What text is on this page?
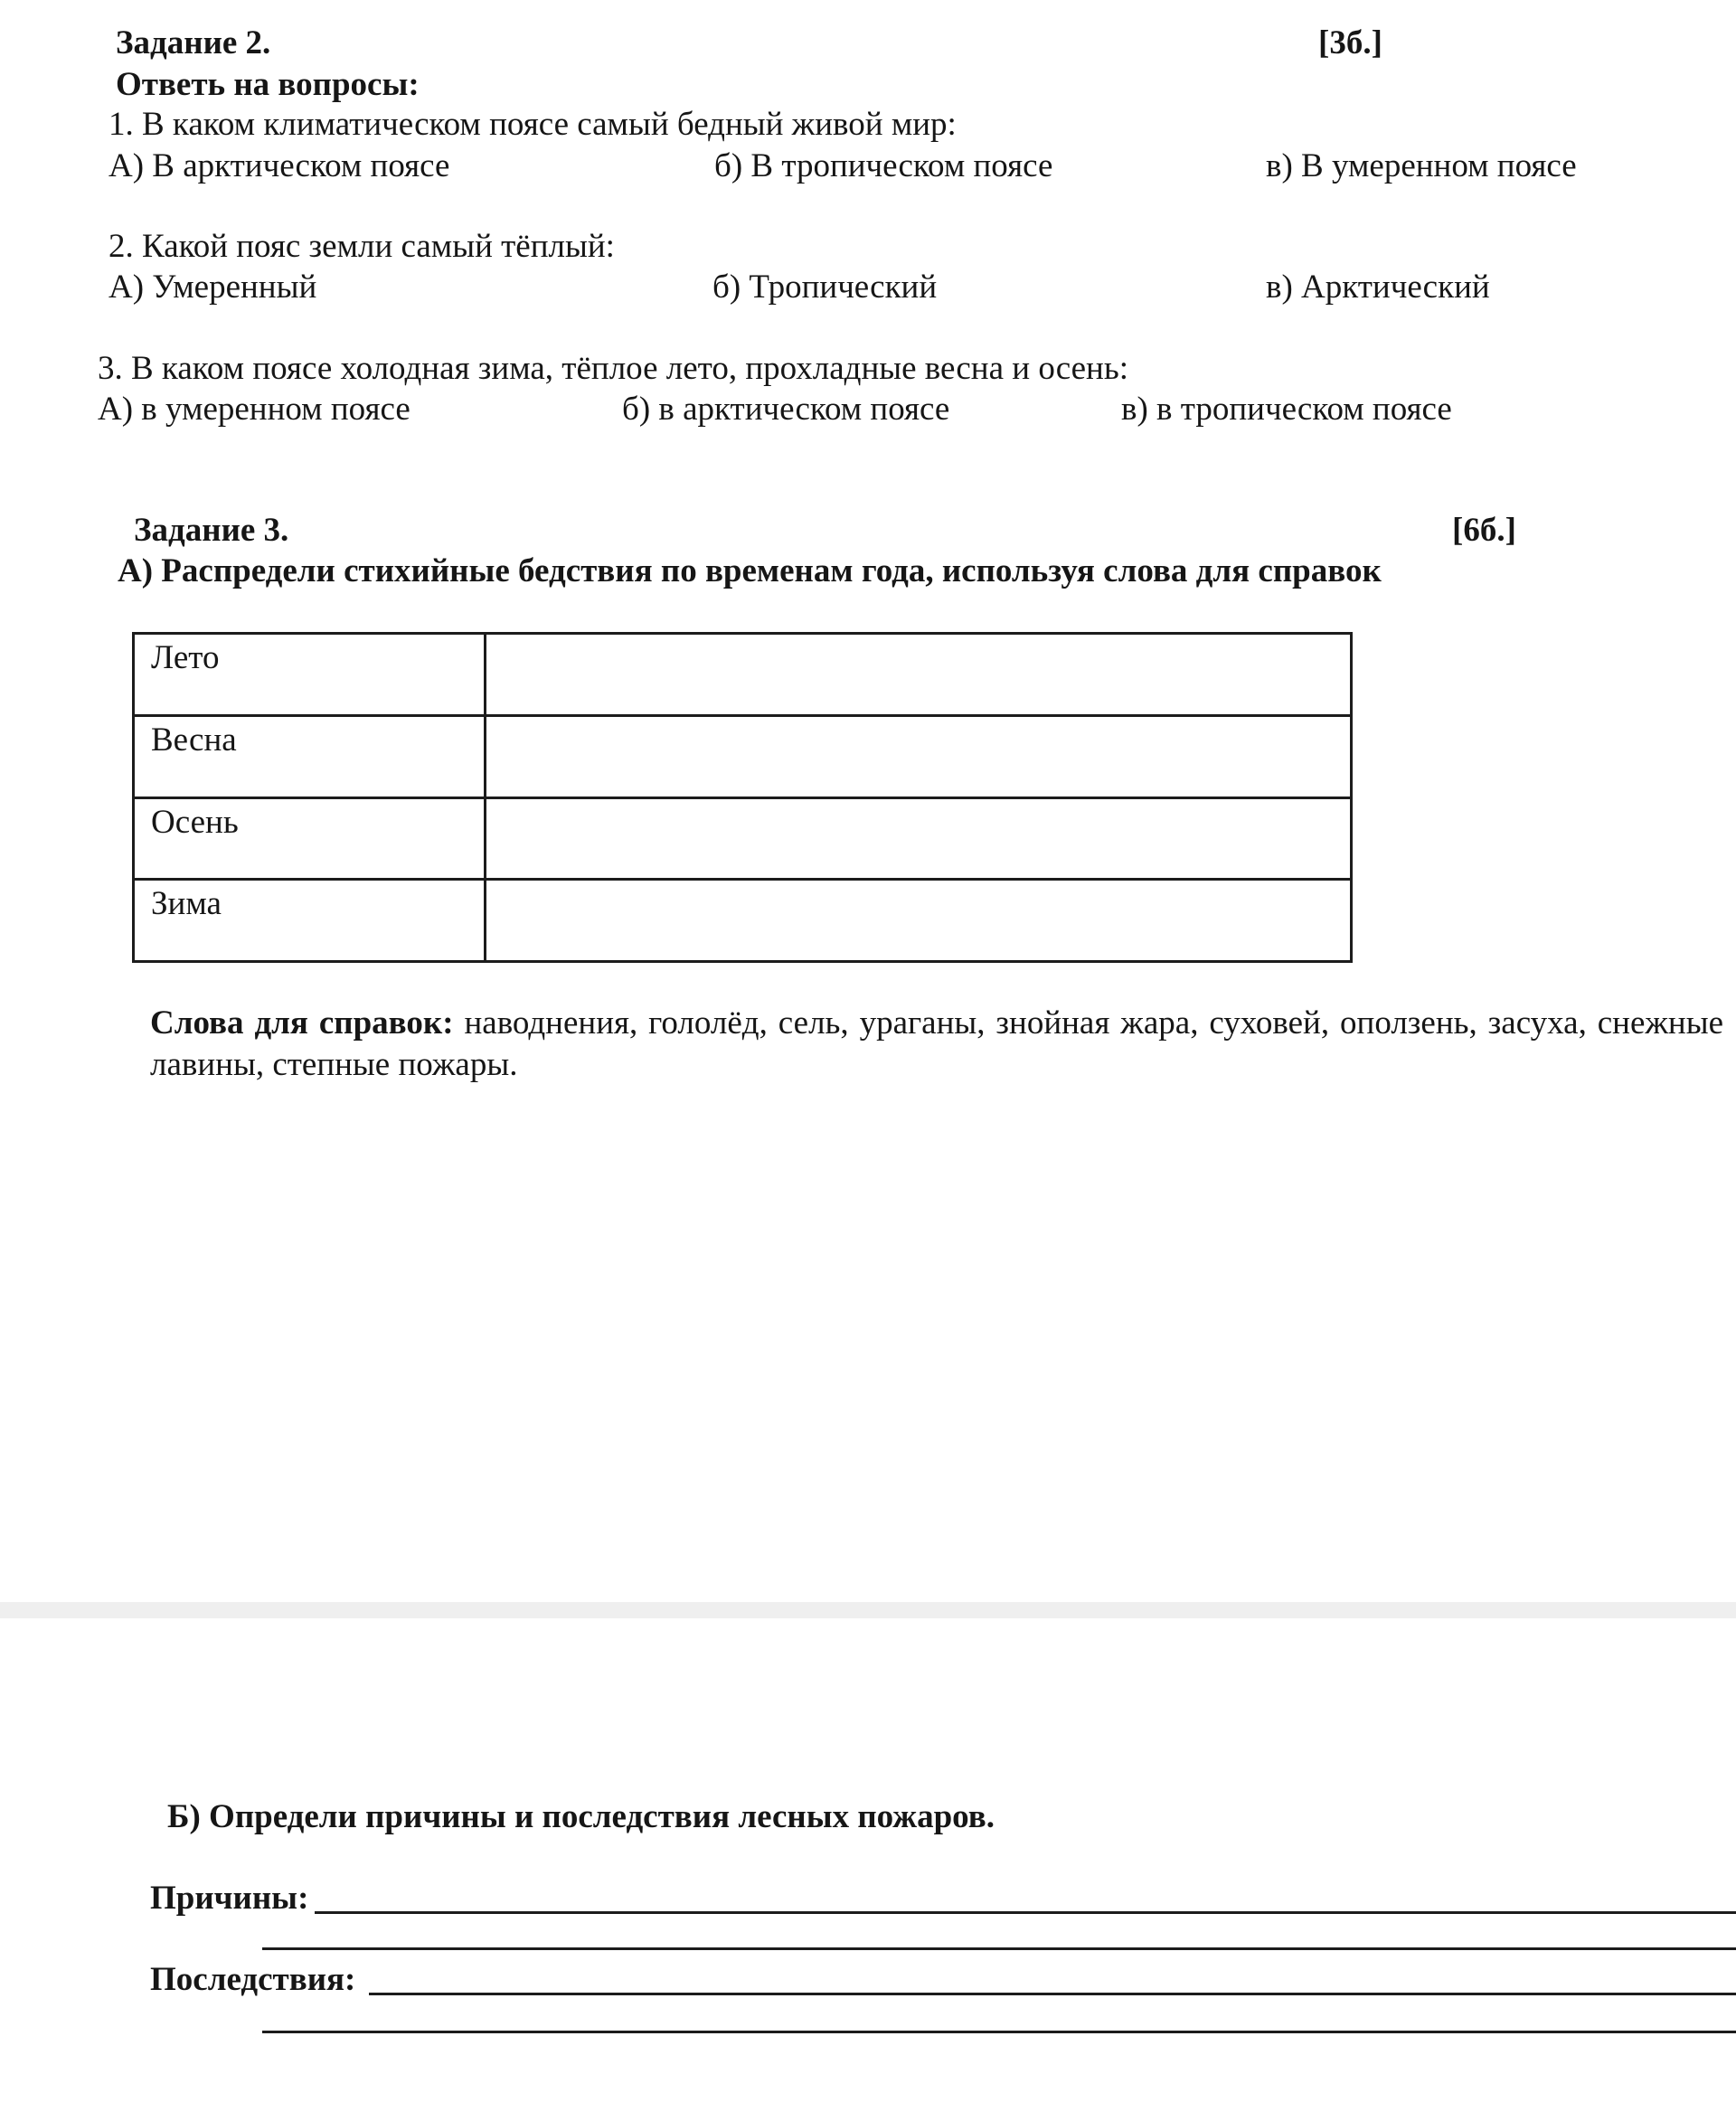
Задание 2.	[3б.]
Ответь на вопросы:
1. В каком климатическом поясе самый бедный живой мир:
А) В арктическом поясе	б) В тропическом поясе	в) В умеренном поясе
2. Какой пояс земли самый тёплый:
А) Умеренный	б) Тропический	в) Арктический
3. В каком поясе холодная зима, тёплое лето, прохладные весна и осень:
А) в умеренном поясе	б) в арктическом поясе	в) в тропическом поясе
Задание 3.	[6б.]
А) Распредели стихийные бедствия по временам года, используя слова для справок
Лето	
Весна	
Осень	
Зима	
Слова для справок: наводнения, гололёд, сель, ураганы, знойная жара, суховей, оползень, засуха, снежные лавины, степные пожары.
Б) Определи причины и последствия лесных пожаров.
Причины:
Последствия:
